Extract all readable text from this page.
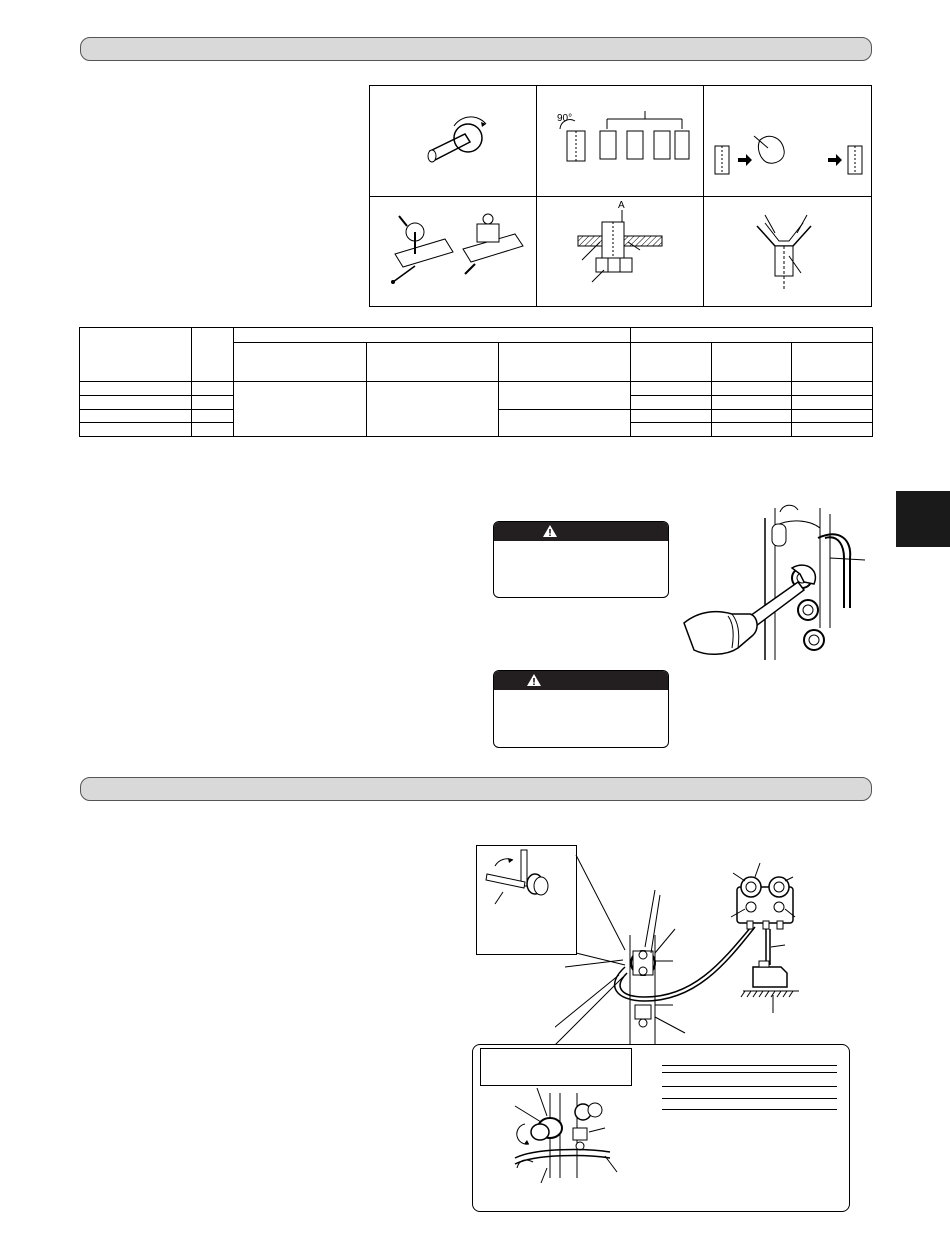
90°
A
